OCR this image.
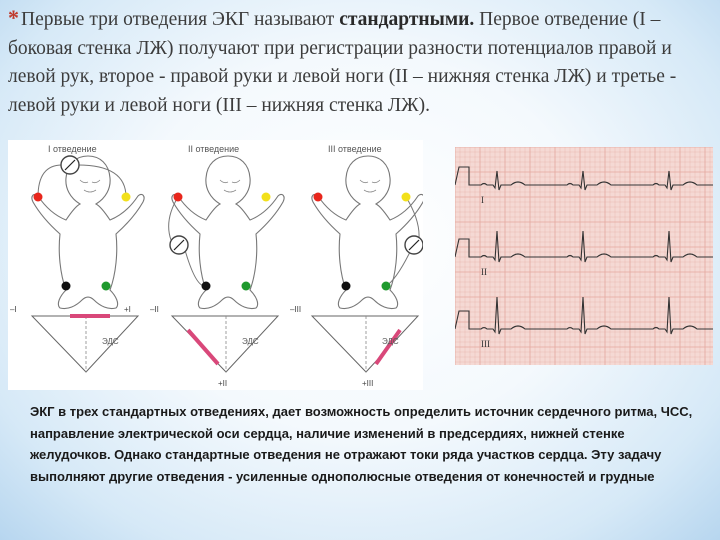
* Первые три отведения ЭКГ называют стандартными. Первое отведение (I – боковая стенка ЛЖ) получают при регистрации разности потенциалов правой и левой рук, второе - правой руки и левой ноги (II – нижняя стенка ЛЖ) и третье - левой руки и левой ноги (III – нижняя стенка ЛЖ).
I отведение
ЭДС
–I	+I
II отведение
ЭДС
–II
+II
III отведение
ЭДС
–III
+III
I
II
III
ЭКГ в трех стандартных отведениях, дает возможность определить источник сердечного ритма, ЧСС, направление электрической оси сердца, наличие изменений в предсердиях, нижней стенке желудочков. Однако стандартные отведения не отражают токи ряда участков сердца. Эту задачу выполняют другие отведения - усиленные однополюсные отведения от конечностей и грудные
